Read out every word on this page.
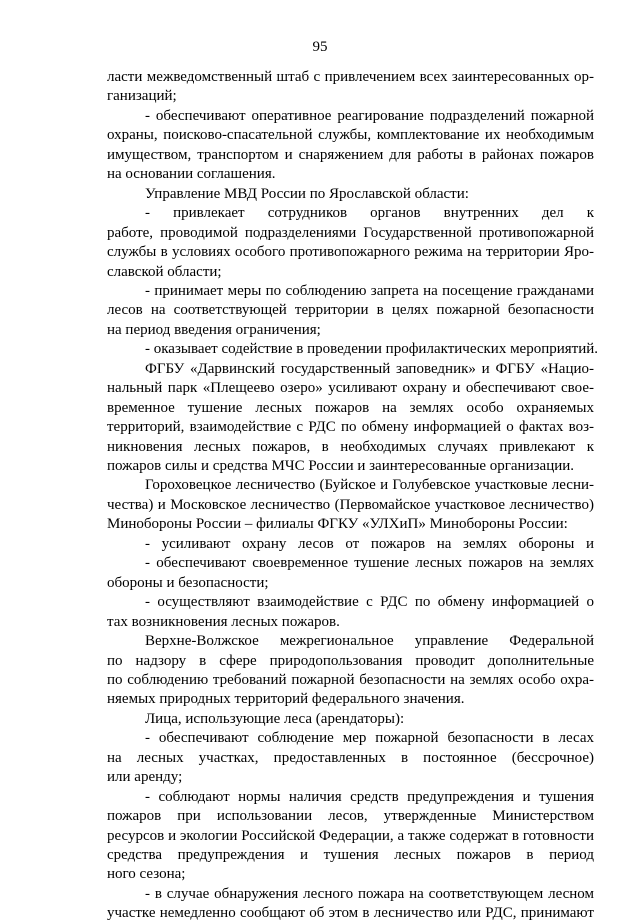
95
ласти межведомственный штаб с привлечением всех заинтересованных ор-
ганизаций;
- обеспечивают оперативное реагирование подразделений пожарной
охраны, поисково-спасательной службы, комплектование их необходимым
имуществом, транспортом и снаряжением для работы в районах пожаров
на основании соглашения.
Управление МВД России по Ярославской области:
- привлекает сотрудников органов внутренних дел к
работе, проводимой подразделениями Государственной противопожарной
службы в условиях особого противопожарного режима на территории Яро-
славской области;
- принимает меры по соблюдению запрета на посещение гражданами
лесов на соответствующей территории в целях пожарной безопасности
на период введения ограничения;
- оказывает содействие в проведении профилактических мероприятий.
ФГБУ «Дарвинский государственный заповедник» и ФГБУ «Нацио-
нальный парк «Плещеево озеро» усиливают охрану и обеспечивают свое-
временное тушение лесных пожаров на землях особо охраняемых
территорий, взаимодействие с РДС по обмену информацией о фактах воз-
никновения лесных пожаров, в необходимых случаях привлекают к
пожаров силы и средства МЧС России и заинтересованные организации.
Гороховецкое лесничество (Буйское и Голубевское участковые лесни-
чества) и Московское лесничество (Первомайское участковое лесничество)
Минобороны России – филиалы ФГКУ «УЛХиП» Минобороны России:
- усиливают охрану лесов от пожаров на землях обороны и
- обеспечивают своевременное тушение лесных пожаров на землях
обороны и безопасности;
- осуществляют взаимодействие с РДС по обмену информацией о
тах возникновения лесных пожаров.
Верхне-Волжское межрегиональное управление Федеральной
по надзору в сфере природопользования проводит дополнительные
по соблюдению требований пожарной безопасности на землях особо охра-
няемых природных территорий федерального значения.
Лица, использующие леса (арендаторы):
- обеспечивают соблюдение мер пожарной безопасности в лесах
на лесных участках, предоставленных в постоянное (бессрочное)
или аренду;
- соблюдают нормы наличия средств предупреждения и тушения
пожаров при использовании лесов, утвержденные Министерством
ресурсов и экологии Российской Федерации, а также содержат в готовности
средства предупреждения и тушения лесных пожаров в период
ного сезона;
- в случае обнаружения лесного пожара на соответствующем лесном
участке немедленно сообщают об этом в лесничество или РДС, принимают
